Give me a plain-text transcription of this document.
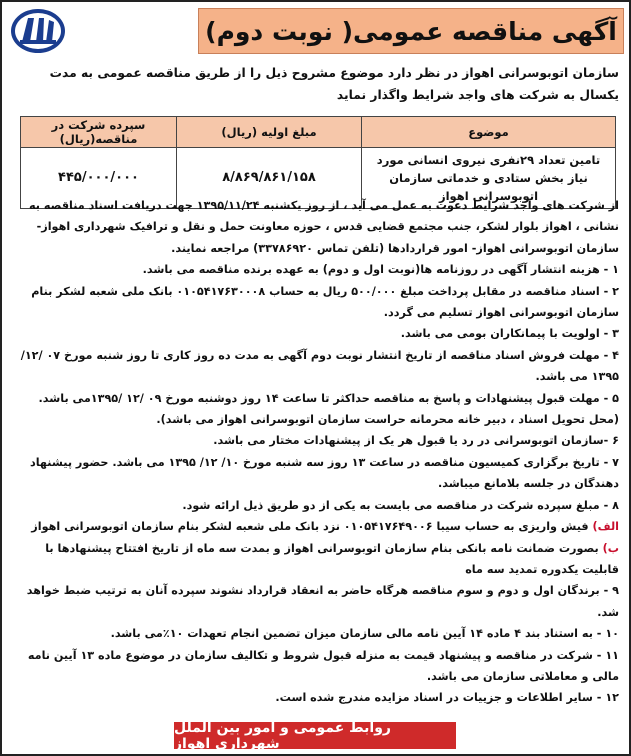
آگهی مناقصه عمومی( نوبت دوم)
سازمان اتوبوسرانی اهواز در نظر دارد موضوع مشروح ذیل را از طریق مناقصه عمومی به مدت یکسال به شرکت های واجد شرایط واگذار نماید
موضوع	مبلغ اولیه (ریال)	سپرده شرکت در مناقصه(ریال)
تامین تعداد ۲۹نفری نیروی انسانی مورد نیاز بخش ستادی و خدماتی سازمان اتوبوسرانی اهواز	۸/۸۶۹/۸۶۱/۱۵۸	۴۴۵/۰۰۰/۰۰۰

از شرکت های واجد شرایط دعوت به عمل می آید ، از روز یکشنبه ۱۳۹۵/۱۱/۲۴ جهت دریافت اسناد مناقصه به نشانی ، اهواز بلوار لشکر، جنب مجتمع قضایی قدس ، حوزه معاونت حمل و نقل و ترافیک شهرداری اهواز- سازمان اتوبوسرانی اهواز- امور قراردادها (تلفن تماس ۳۳۷۸۶۹۲۰) مراجعه نمایند.

۱ - هزینه انتشار آگهی در روزنامه ها(نوبت اول و دوم) به عهده برنده مناقصه می باشد.

۲ - اسناد مناقصه در مقابل پرداخت مبلغ ۵۰۰/۰۰۰ ریال به حساب ۰۱۰۵۴۱۷۶۳۰۰۰۸ بانک ملی شعبه لشکر بنام سازمان اتوبوسرانی اهواز تسلیم می گردد.

۳ - اولویت با پیمانکاران بومی می باشد.

۴ - مهلت فروش اسناد مناقصه از تاریخ انتشار نوبت دوم آگهی به مدت ده روز کاری تا روز شنبه مورخ ۰۷ /۱۲/ ۱۳۹۵ می باشد.

۵ - مهلت قبول پیشنهادات و پاسخ به مناقصه حداکثر تا ساعت ۱۴ روز دوشنبه مورخ ۰۹ /۱۲ /۱۳۹۵می باشد. (محل تحویل اسناد ، دبیر خانه محرمانه حراست سازمان اتوبوسرانی اهواز می باشد).

۶ -سازمان اتوبوسرانی در رد یا قبول هر یک از پیشنهادات مختار می باشد.

۷ - تاریخ برگزاری کمیسیون مناقصه در ساعت ۱۳ روز سه شنبه مورخ ۱۰/ ۱۲/ ۱۳۹۵ می باشد. حضور پیشنهاد دهندگان در جلسه بلامانع میباشد.

۸ - مبلغ سپرده شرکت در مناقصه می بایست به یکی از دو طریق ذیل ارائه شود.

الف) فیش واریزی به حساب سیبا ۰۱۰۵۴۱۷۶۴۹۰۰۶ نزد بانک ملی شعبه لشکر بنام سازمان اتوبوسرانی اهواز

ب) بصورت ضمانت نامه بانکی بنام سازمان اتوبوسرانی اهواز و بمدت سه ماه از تاریخ افتتاح پیشنهادها با قابلیت یکدوره تمدید سه ماه

۹ - برندگان اول و دوم و سوم مناقصه هرگاه حاضر به انعقاد قرارداد نشوند سپرده آنان به ترتیب ضبط خواهد شد.

۱۰ - به استناد بند ۴ ماده ۱۴ آیین نامه مالی سازمان میزان تضمین انجام تعهدات ۱۰٪می باشد.

۱۱ - شرکت در مناقصه و پیشنهاد قیمت به منزله قبول شروط و تکالیف سازمان در موضوع ماده ۱۳ آیین نامه مالی و معاملاتی سازمان می باشد.

۱۲ - سایر اطلاعات و جزییات در اسناد مزایده مندرج شده است.

روابط عمومی و امور بین الملل شهرداری اهواز
